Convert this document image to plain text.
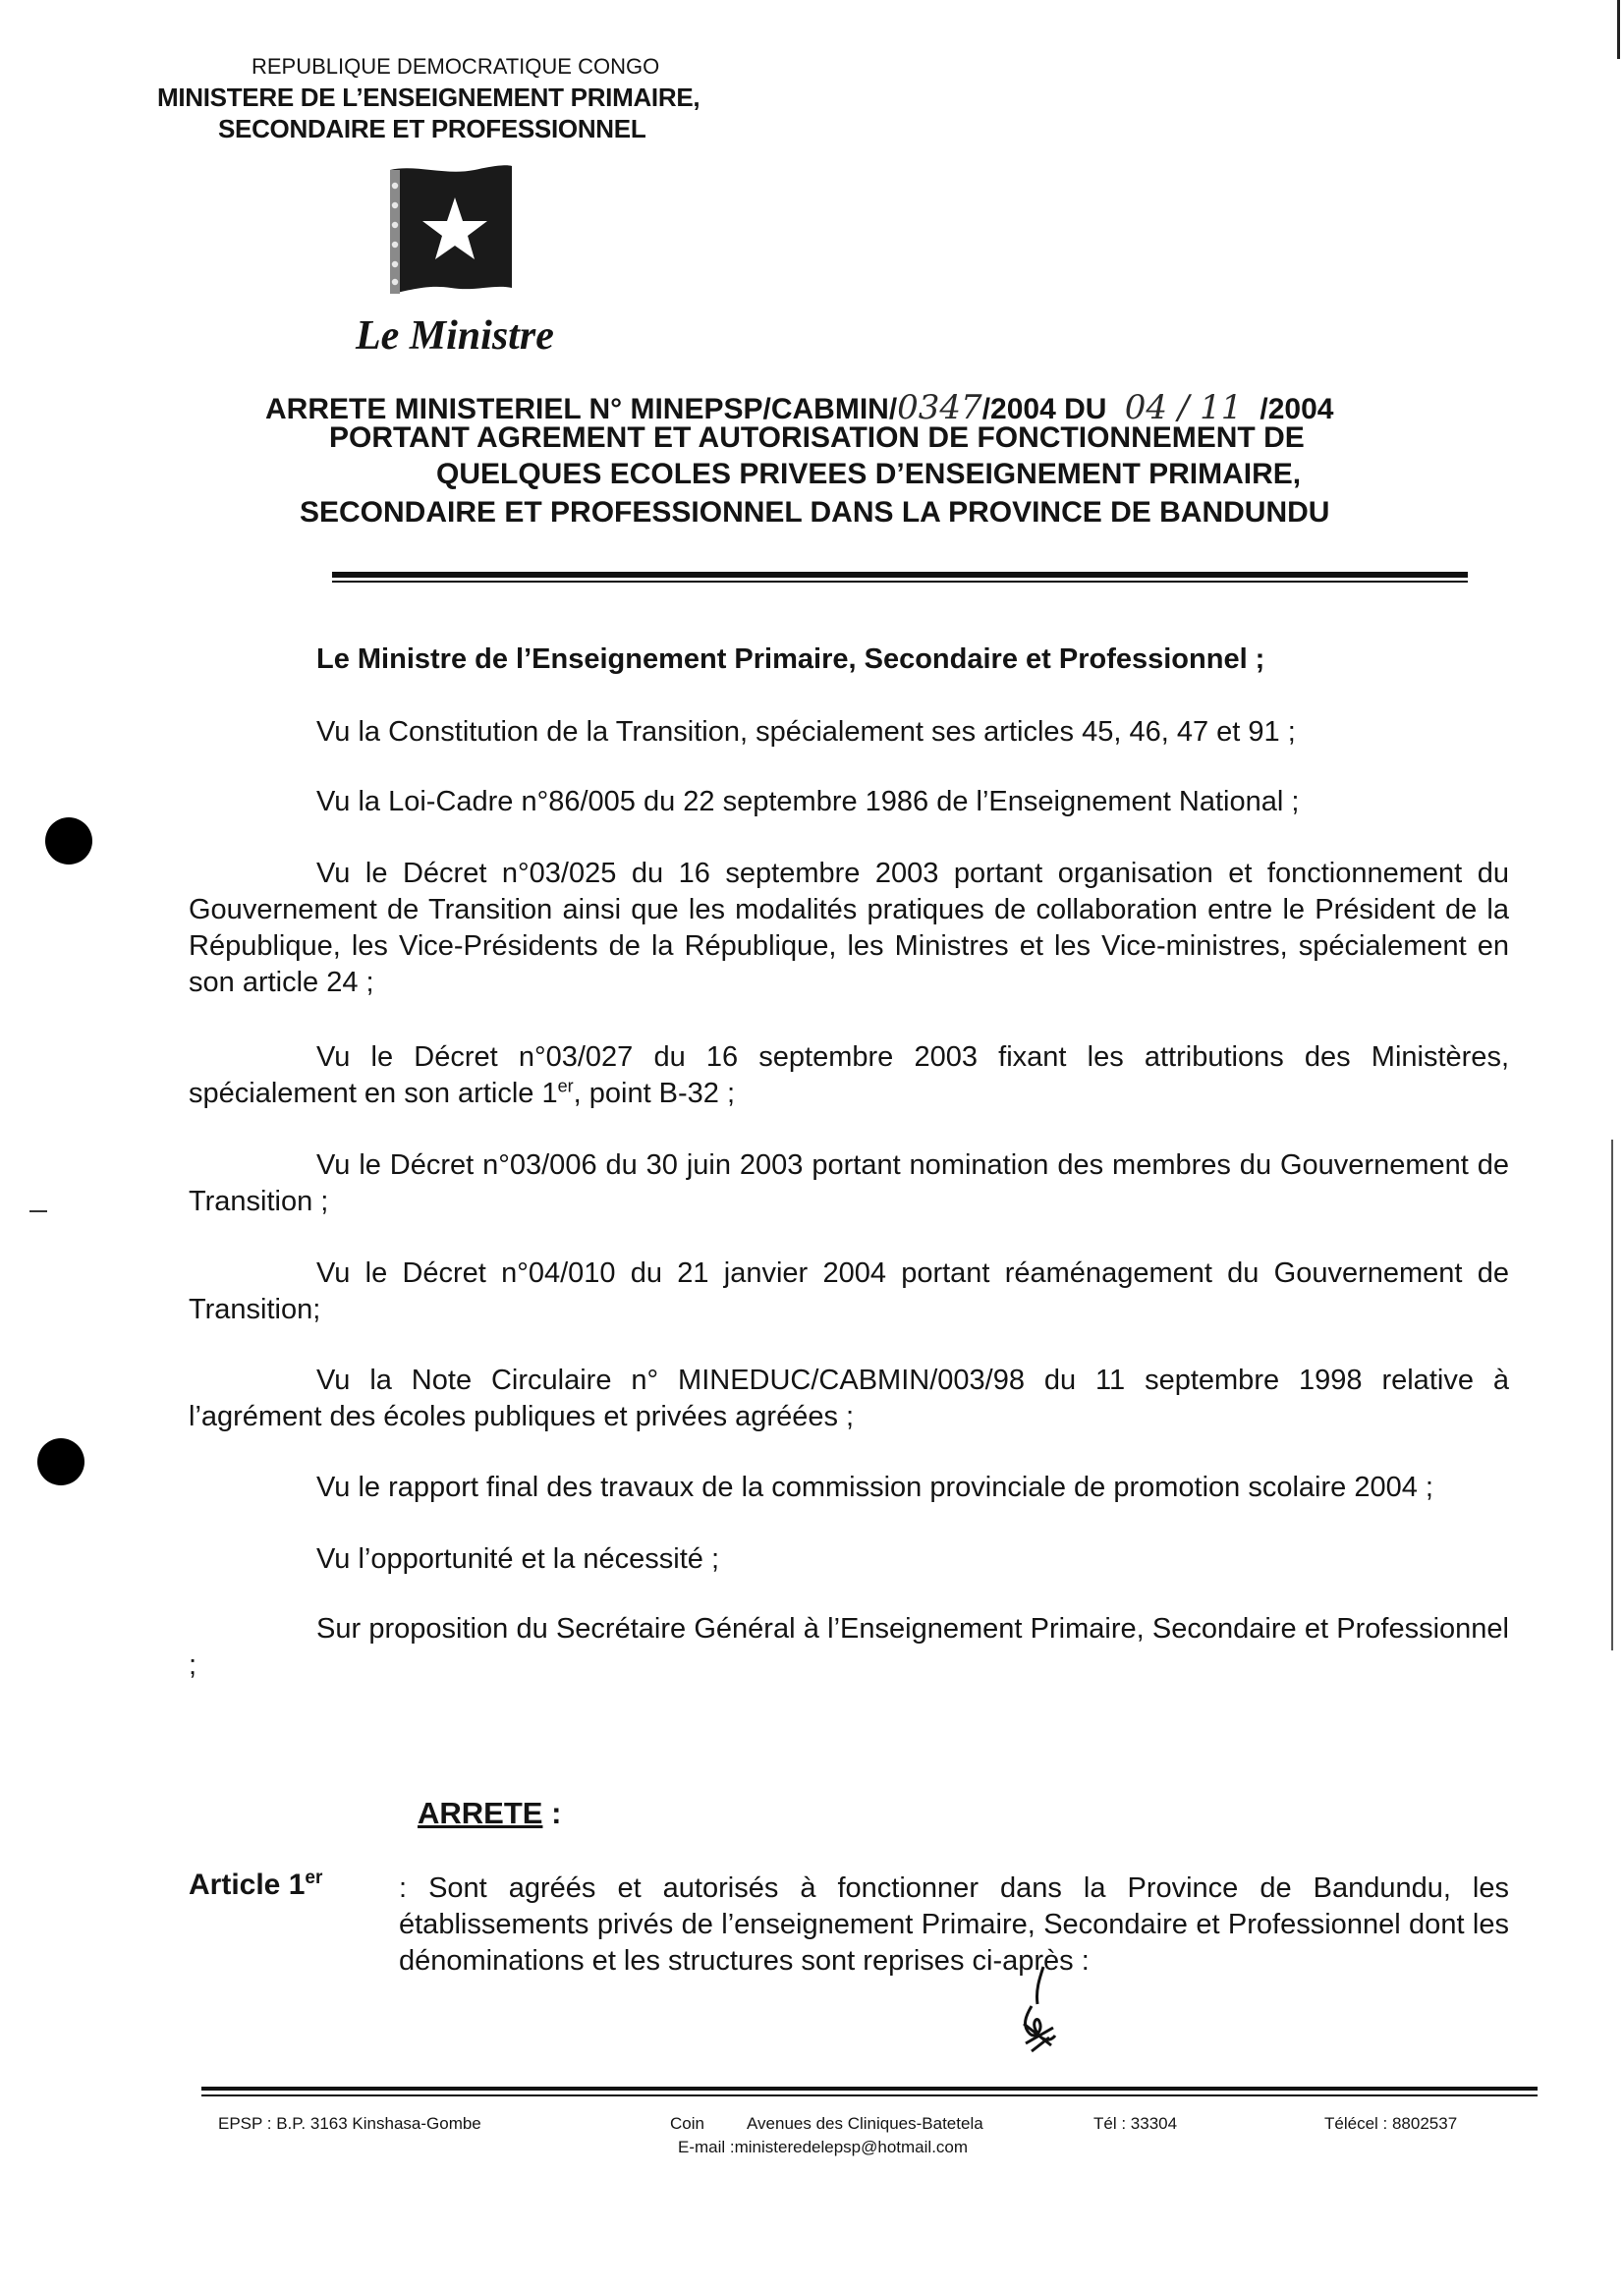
REPUBLIQUE DEMOCRATIQUE CONGO
MINISTERE DE L’ENSEIGNEMENT PRIMAIRE,
SECONDAIRE ET PROFESSIONNEL
Le Ministre
ARRETE MINISTERIEL N° MINEPSP/CABMIN/0347/2004 DU 04 / 11 /2004
PORTANT AGREMENT ET AUTORISATION DE FONCTIONNEMENT DE
QUELQUES ECOLES PRIVEES D’ENSEIGNEMENT PRIMAIRE,
SECONDAIRE ET PROFESSIONNEL DANS LA PROVINCE DE BANDUNDU
Le Ministre de l’Enseignement Primaire, Secondaire et Professionnel ;
Vu la Constitution de la Transition, spécialement ses articles 45, 46, 47 et 91 ;
Vu la Loi-Cadre n°86/005 du 22 septembre 1986 de l’Enseignement National ;
Vu le Décret n°03/025 du 16 septembre 2003 portant organisation et fonctionnement du Gouvernement de Transition ainsi que les modalités pratiques de collaboration entre le Président de la République, les Vice-Présidents de la République, les Ministres et les Vice-ministres, spécialement en son article 24 ;
Vu le Décret n°03/027 du 16 septembre 2003 fixant les attributions des Ministères, spécialement en son article 1er, point B-32 ;
Vu le Décret n°03/006 du 30 juin 2003 portant nomination des membres du Gouvernement de Transition ;
Vu le Décret n°04/010 du 21 janvier 2004 portant réaménagement du Gouvernement de Transition;
Vu la Note Circulaire n° MINEDUC/CABMIN/003/98 du 11 septembre 1998 relative à l’agrément des écoles publiques et privées agréées ;
Vu le rapport final des travaux de la commission provinciale de promotion scolaire 2004 ;
Vu l’opportunité et la nécessité ;
Sur proposition du Secrétaire Général à l’Enseignement Primaire, Secondaire et Professionnel ;
ARRETE :
Article 1er	: Sont agréés et autorisés à fonctionner dans la Province de Bandundu, les établissements privés de l’enseignement Primaire, Secondaire et Professionnel dont les dénominations et les structures sont reprises ci-après :
EPSP : B.P. 3163 Kinshasa-Gombe	Coin	Avenues des Cliniques-Batetela
E-mail :ministeredelepsp@hotmail.com
Tél : 33304	Télécel : 8802537
